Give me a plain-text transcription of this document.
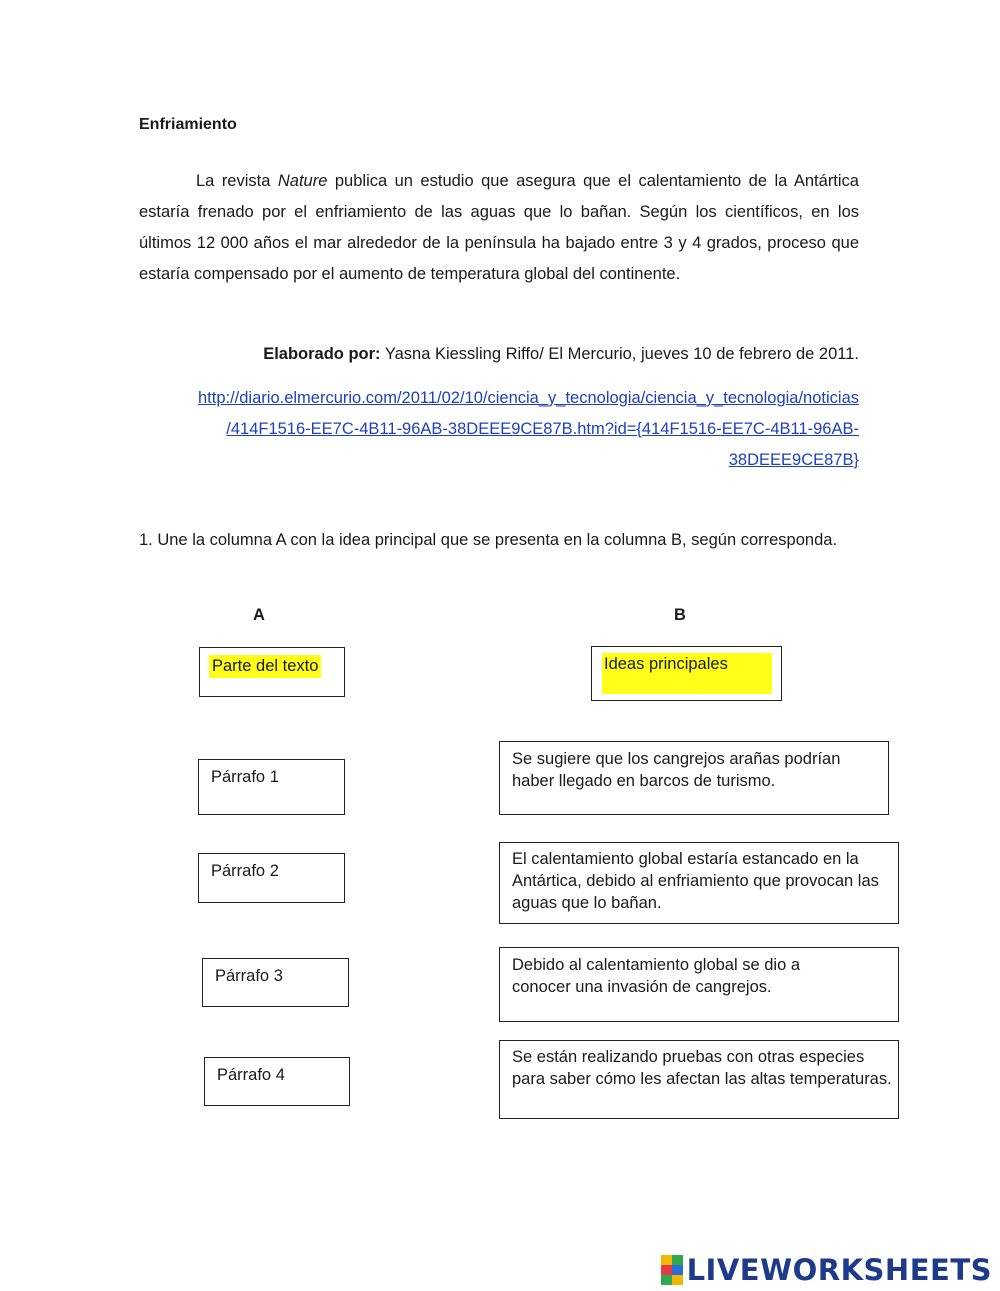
Enfriamiento
La revista Nature publica un estudio que asegura que el calentamiento de la Antártica estaría frenado por el enfriamiento de las aguas que lo bañan. Según los científicos, en los últimos 12 000 años el mar alrededor de la península ha bajado entre 3 y 4 grados, proceso que estaría compensado por el aumento de temperatura global del continente.
Elaborado por: Yasna Kiessling Riffo/ El Mercurio, jueves 10 de febrero de 2011.
http://diario.elmercurio.com/2011/02/10/ciencia_y_tecnologia/ciencia_y_tecnologia/noticias
/414F1516-EE7C-4B11-96AB-38DEEE9CE87B.htm?id={414F1516-EE7C-4B11-96AB-
38DEEE9CE87B}
1. Une la columna A con la idea principal que se presenta en la columna B, según corresponda.
A	B
Parte del texto	Ideas principales
Párrafo 1
Párrafo 2
Párrafo 3
Párrafo 4
Se sugiere que los cangrejos arañas podrían haber llegado en barcos de turismo.
El calentamiento global estaría estancado en la Antártica, debido al enfriamiento que provocan las aguas que lo bañan.
Debido al calentamiento global se dio a conocer una invasión de cangrejos.
Se están realizando pruebas con otras especies para saber cómo les afectan las altas temperaturas.
LIVEWORKSHEETS
